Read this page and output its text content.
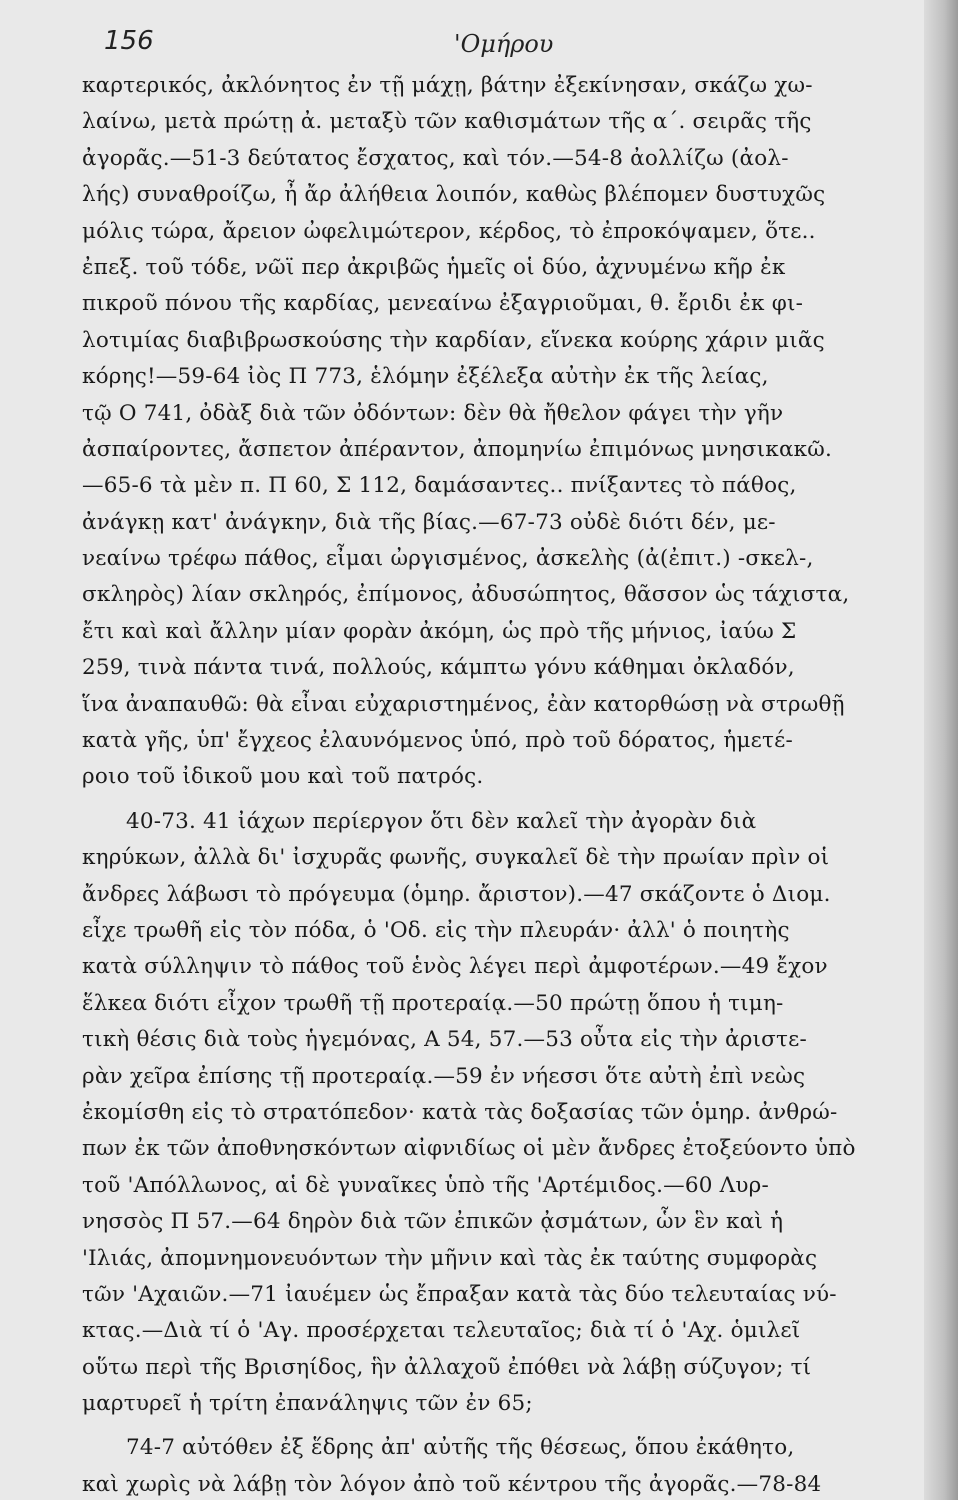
156	'Ομήρου
καρτερικός, ἀκλόνητος ἐν τῇ μάχῃ, βάτην ἐξεκίνησαν, σκάζω χω-
λαίνω, μετὰ πρώτῃ ἀ. μεταξὺ τῶν καθισμάτων τῆς α΄. σειρᾶς τῆς
ἀγορᾶς.—51-3 δεύτατος ἔσχατος, καὶ τόν.—54-8 ἀολλίζω (ἀολ-
λής) συναθροίζω, ἦ ἄρ ἀλήθεια λοιπόν, καθὼς βλέπομεν δυστυχῶς
μόλις τώρα, ἄρειον ὠφελιμώτερον, κέρδος, τὸ ἐπροκόψαμεν, ὅτε..
ἐπεξ. τοῦ τόδε, νῶϊ περ ἀκριβῶς ἡμεῖς οἱ δύο, ἀχνυμένω κῆρ ἐκ
πικροῦ πόνου τῆς καρδίας, μενεαίνω ἐξαγριοῦμαι, θ. ἔριδι ἐκ φι-
λοτιμίας διαβιβρωσκούσης τὴν καρδίαν, εἵνεκα κούρης χάριν μιᾶς
κόρης!—59-64 ἰὸς Π 773, ἑλόμην ἐξέλεξα αὐτὴν ἐκ τῆς λείας,
τῷ Ο 741, ὀδὰξ διὰ τῶν ὀδόντων: δὲν θὰ ἤθελον φάγει τὴν γῆν
ἀσπαίροντες, ἄσπετον ἀπέραντον, ἀπομηνίω ἐπιμόνως μνησικακῶ.
—65-6 τὰ μὲν π. Π 60, Σ 112, δαμάσαντες.. πνίξαντες τὸ πάθος,
ἀνάγκῃ κατ' ἀνάγκην, διὰ τῆς βίας.—67-73 οὐδὲ διότι δέν, με-
νεαίνω τρέφω πάθος, εἶμαι ὠργισμένος, ἀσκελὴς (ἀ(ἐπιτ.) -σκελ-,
σκληρὸς) λίαν σκληρός, ἐπίμονος, ἀδυσώπητος, θᾶσσον ὡς τάχιστα,
ἔτι καὶ καὶ ἄλλην μίαν φορὰν ἀκόμη, ὡς πρὸ τῆς μήνιος, ἰαύω Σ
259, τινὰ πάντα τινά, πολλούς, κάμπτω γόνυ κάθημαι ὀκλαδόν,
ἵνα ἀναπαυθῶ: θὰ εἶναι εὐχαριστημένος, ἐὰν κατορθώσῃ νὰ στρωθῇ
κατὰ γῆς, ὑπ' ἔγχεος ἐλαυνόμενος ὑπό, πρὸ τοῦ δόρατος, ἡμετέ-
ροιο τοῦ ἰδικοῦ μου καὶ τοῦ πατρός.
40-73. 41 ἰάχων περίεργον ὅτι δὲν καλεῖ τὴν ἀγορὰν διὰ
κηρύκων, ἀλλὰ δι' ἰσχυρᾶς φωνῆς, συγκαλεῖ δὲ τὴν πρωίαν πρὶν οἱ
ἄνδρες λάβωσι τὸ πρόγευμα (ὁμηρ. ἄριστον).—47 σκάζοντε ὁ Διομ.
εἶχε τρωθῆ εἰς τὸν πόδα, ὁ 'Οδ. εἰς τὴν πλευράν· ἀλλ' ὁ ποιητὴς
κατὰ σύλληψιν τὸ πάθος τοῦ ἑνὸς λέγει περὶ ἀμφοτέρων.—49 ἔχον
ἕλκεα διότι εἶχον τρωθῆ τῇ προτεραίᾳ.—50 πρώτῃ ὅπου ἡ τιμη-
τικὴ θέσις διὰ τοὺς ἡγεμόνας, Α 54, 57.—53 οὖτα εἰς τὴν ἀριστε-
ρὰν χεῖρα ἐπίσης τῇ προτεραίᾳ.—59 ἐν νήεσσι ὅτε αὐτὴ ἐπὶ νεὼς
ἐκομίσθη εἰς τὸ στρατόπεδον· κατὰ τὰς δοξασίας τῶν ὁμηρ. ἀνθρώ-
πων ἐκ τῶν ἀποθνησκόντων αἰφνιδίως οἱ μὲν ἄνδρες ἐτοξεύοντο ὑπὸ
τοῦ 'Απόλλωνος, αἱ δὲ γυναῖκες ὑπὸ τῆς 'Αρτέμιδος.—60 Λυρ-
νησσὸς Π 57.—64 δηρὸν διὰ τῶν ἐπικῶν ᾀσμάτων, ὧν ἓν καὶ ἡ
'Ιλιάς, ἀπομνημονευόντων τὴν μῆνιν καὶ τὰς ἐκ ταύτης συμφορὰς
τῶν 'Αχαιῶν.—71 ἰαυέμεν ὡς ἔπραξαν κατὰ τὰς δύο τελευταίας νύ-
κτας.—Διὰ τί ὁ 'Αγ. προσέρχεται τελευταῖος; διὰ τί ὁ 'Αχ. ὁμιλεῖ
οὕτω περὶ τῆς Βρισηίδος, ἣν ἀλλαχοῦ ἐπόθει νὰ λάβῃ σύζυγον; τί
μαρτυρεῖ ἡ τρίτη ἐπανάληψις τῶν ἐν 65;
74-7 αὐτόθεν ἐξ ἕδρης ἀπ' αὐτῆς τῆς θέσεως, ὅπου ἐκάθητο,
καὶ χωρὶς νὰ λάβῃ τὸν λόγον ἀπὸ τοῦ κέντρου τῆς ἀγορᾶς.—78-84
